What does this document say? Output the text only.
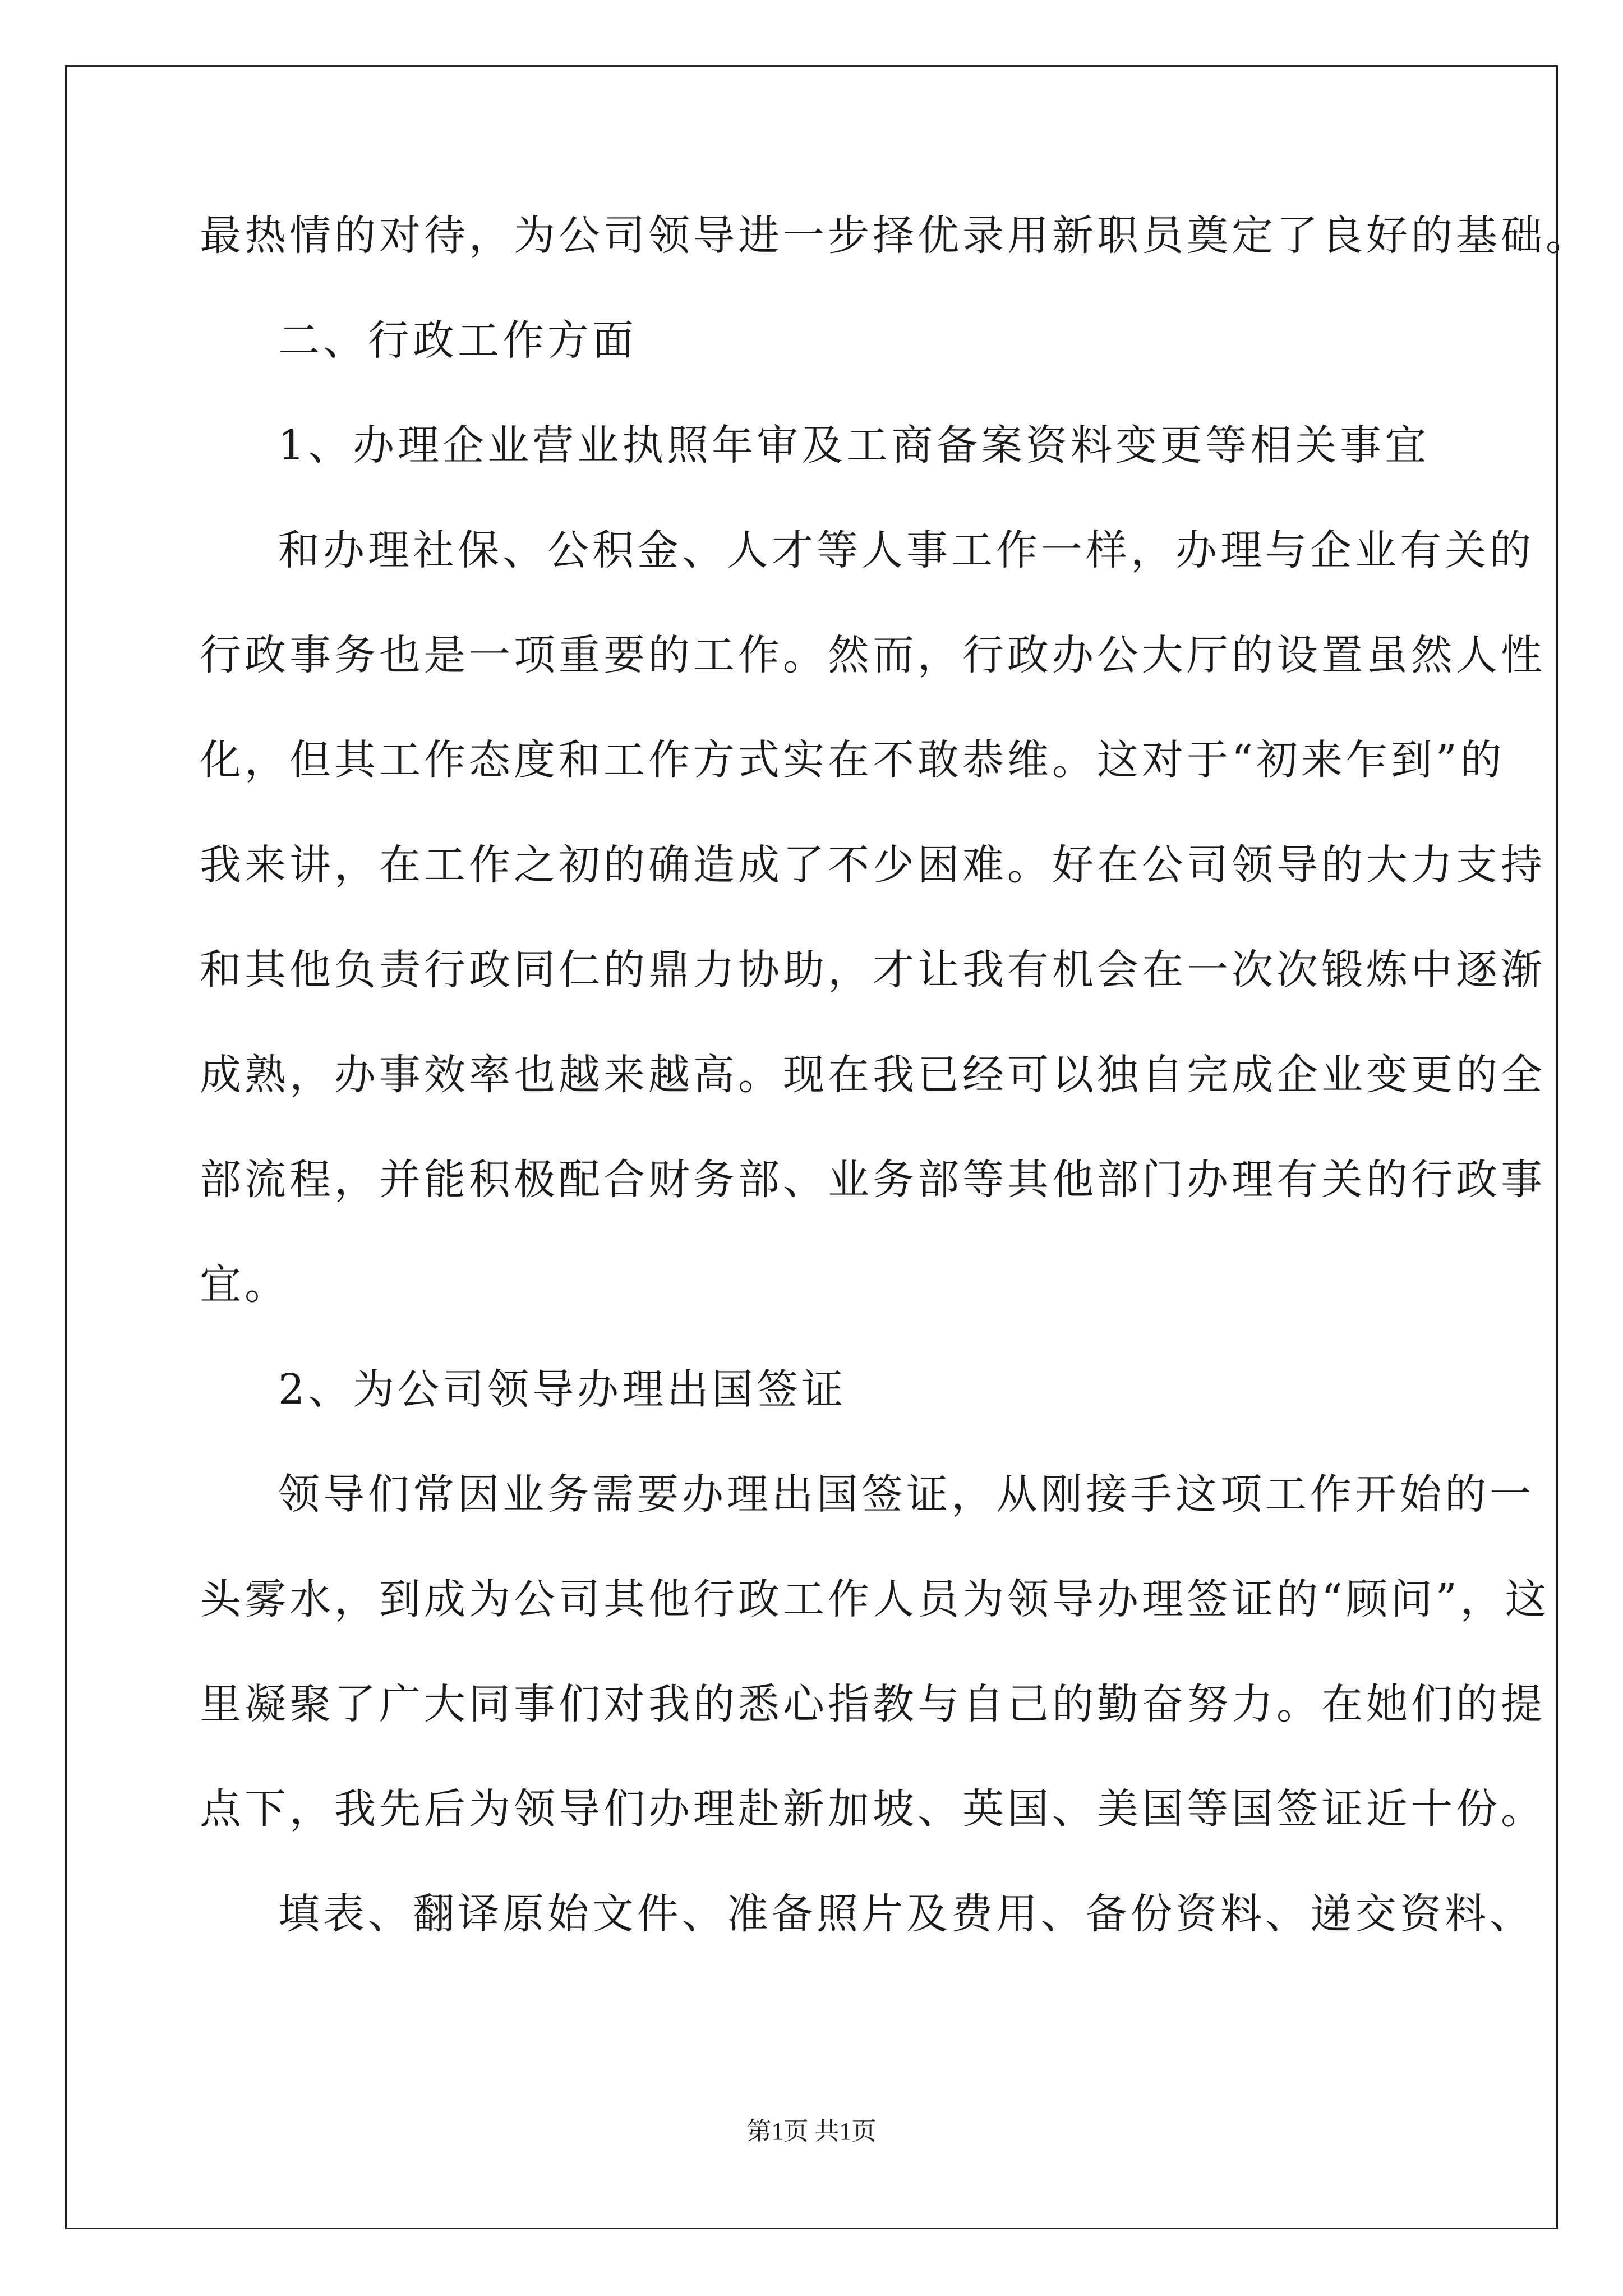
最热情的对待，为公司领导进一步择优录用新职员奠定了良好的基础。
二、行政工作方面
1、办理企业营业执照年审及工商备案资料变更等相关事宜
和办理社保、公积金、人才等人事工作一样，办理与企业有关的
行政事务也是一项重要的工作。然而，行政办公大厅的设置虽然人性
化，但其工作态度和工作方式实在不敢恭维。这对于“初来乍到”的
我来讲，在工作之初的确造成了不少困难。好在公司领导的大力支持
和其他负责行政同仁的鼎力协助，才让我有机会在一次次锻炼中逐渐
成熟，办事效率也越来越高。现在我已经可以独自完成企业变更的全
部流程，并能积极配合财务部、业务部等其他部门办理有关的行政事
宜。
2、为公司领导办理出国签证
领导们常因业务需要办理出国签证，从刚接手这项工作开始的一
头雾水，到成为公司其他行政工作人员为领导办理签证的“顾问”，这
里凝聚了广大同事们对我的悉心指教与自己的勤奋努力。在她们的提
点下，我先后为领导们办理赴新加坡、英国、美国等国签证近十份。
填表、翻译原始文件、准备照片及费用、备份资料、递交资料、
第1页 共1页
